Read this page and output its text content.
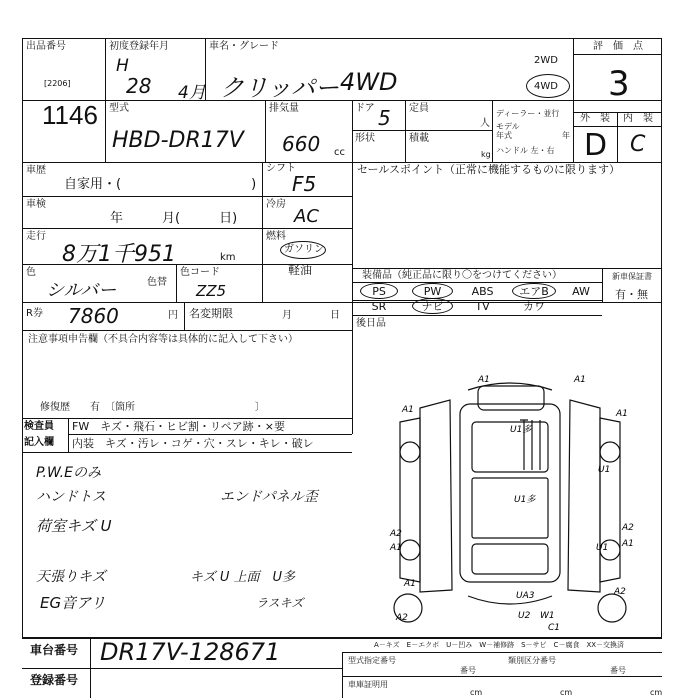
出品番号
[2206]
1146
初度登録年月
H
28 4月
車名・グレード
クリッパー 4WD
2WD
4WD
評　価　点
3
型式
HBD-DR17V
排気量
660 cc
ドア 5
形状
定員
人
積載
kg
ディーラー・並行
モデル
年式	年
ハンドル 左・右
外　装 内　装
D C
車歴
自家用・(　　　　　　　　　　)
シフト
F5
セールスポイント（正常に機能するものに限ります）
車検
年　　　月(　　　日)
冷房
AC
走行
8万1千951	km
燃料
ガソリン
軽油
色
シルバー	色替
色コード
ZZ5
装備品（純正品に限り〇をつけてください）	新車保証書
有・無
PS	PW	ABS	エアB	AW
SR	ナビ	TV	カワ
R券 7860	円 名変期限	月	日
後日品
注意事項申告欄（不具合内容等は具体的に記入して下さい）
修復歴　　有　〔箇所　　　　　　　　　　　　〕
検査員
記入欄
FW　キズ・飛石・ヒビ割・リペア跡・×要
内装　キズ・汚レ・コゲ・穴・スレ・キレ・破レ
P.W.Eのみ
ハンドトス	エンドパネル歪
荷室キズ U
天張りキズ	キズ U 上面　U多
EG音アリ	ラスキズ
A1	A1
A1	A1
U1多
U1
U1多
A2
A1
A2
A1
A1
U1
UA3	A2
U2 W1
C1
A2
車台番号 DR17V-128671
登録番号
A－キズ　E－エクボ　U－凹み　W－補修跡　S－サビ　C－腐食　XX－交換済
型式指定番号	類別区分番号
番号	番号
車庫証明用
cm	cm	cm
